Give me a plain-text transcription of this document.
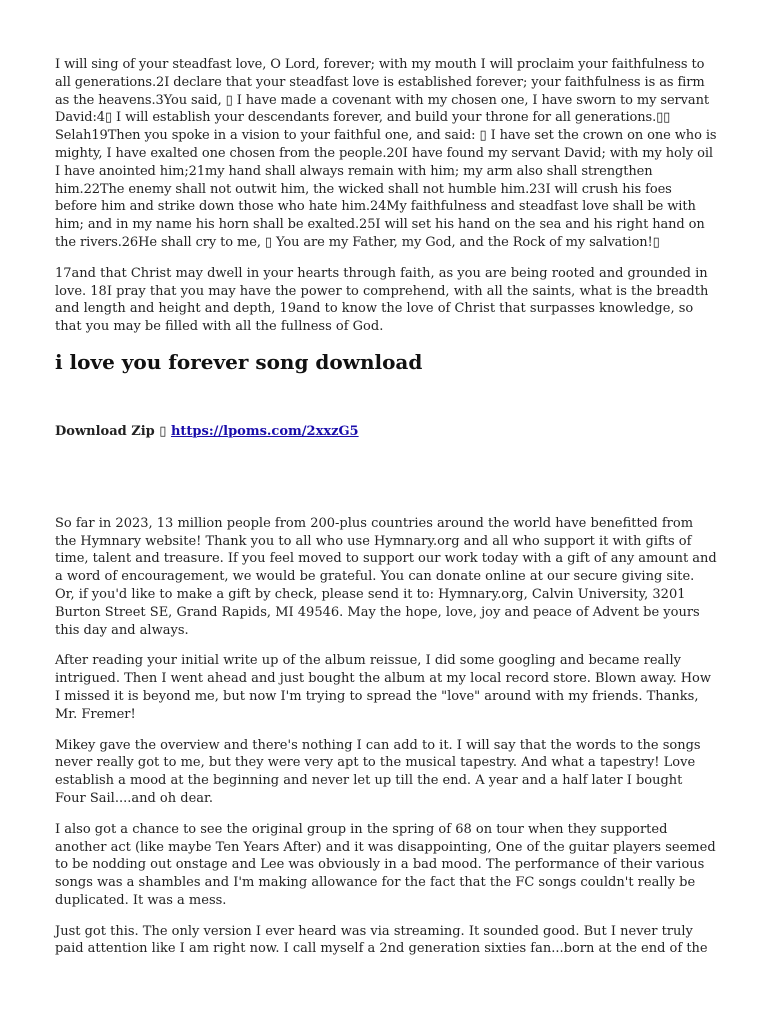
I will sing of your steadfast love, O Lord, forever; with my mouth I will proclaim your faithfulness to all generations.2I declare that your steadfast love is established forever; your faithfulness is as firm as the heavens.3You said, ▯ I have made a covenant with my chosen one, I have sworn to my servant David:4▯ I will establish your descendants forever, and build your throne for all generations.▯▯ Selah19Then you spoke in a vision to your faithful one, and said: ▯ I have set the crown on one who is mighty, I have exalted one chosen from the people.20I have found my servant David; with my holy oil I have anointed him;21my hand shall always remain with him; my arm also shall strengthen him.22The enemy shall not outwit him, the wicked shall not humble him.23I will crush his foes before him and strike down those who hate him.24My faithfulness and steadfast love shall be with him; and in my name his horn shall be exalted.25I will set his hand on the sea and his right hand on the rivers.26He shall cry to me, ▯ You are my Father, my God, and the Rock of my salvation!▯

17and that Christ may dwell in your hearts through faith, as you are being rooted and grounded in love. 18I pray that you may have the power to comprehend, with all the saints, what is the breadth and length and height and depth, 19and to know the love of Christ that surpasses knowledge, so that you may be filled with all the fullness of God.

i love you forever song download

Download Zip ▯ https://lpoms.com/2xxzG5

So far in 2023, 13 million people from 200-plus countries around the world have benefitted from the Hymnary website! Thank you to all who use Hymnary.org and all who support it with gifts of time, talent and treasure. If you feel moved to support our work today with a gift of any amount and a word of encouragement, we would be grateful. You can donate online at our secure giving site. Or, if you'd like to make a gift by check, please send it to: Hymnary.org, Calvin University, 3201 Burton Street SE, Grand Rapids, MI 49546. May the hope, love, joy and peace of Advent be yours this day and always.

After reading your initial write up of the album reissue, I did some googling and became really intrigued. Then I went ahead and just bought the album at my local record store. Blown away. How I missed it is beyond me, but now I'm trying to spread the "love" around with my friends. Thanks, Mr. Fremer!

Mikey gave the overview and there's nothing I can add to it. I will say that the words to the songs never really got to me, but they were very apt to the musical tapestry. And what a tapestry! Love establish a mood at the beginning and never let up till the end. A year and a half later I bought Four Sail....and oh dear.

I also got a chance to see the original group in the spring of 68 on tour when they supported another act (like maybe Ten Years After) and it was disappointing, One of the guitar players seemed to be nodding out onstage and Lee was obviously in a bad mood. The performance of their various songs was a shambles and I'm making allowance for the fact that the FC songs couldn't really be duplicated. It was a mess.

Just got this. The only version I ever heard was via streaming. It sounded good. But I never truly paid attention like I am right now. I call myself a 2nd generation sixties fan...born at the end of the
